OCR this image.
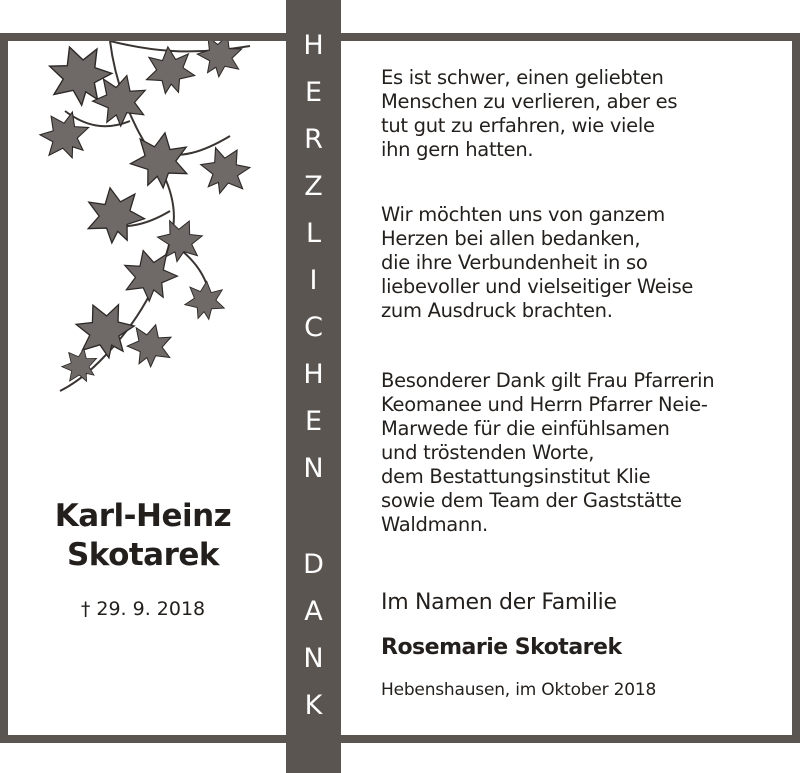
Karl-Heinz
Skotarek
† 29. 9. 2018
H
E
R
Z
L
I
C
H
E
N
D
A
N
K
Es ist schwer, einen geliebten
Menschen zu verlieren, aber es
tut gut zu erfahren, wie viele
ihn gern hatten.
Wir möchten uns von ganzem
Herzen bei allen bedanken,
die ihre Verbundenheit in so
liebevoller und vielseitiger Weise
zum Ausdruck brachten.
Besonderer Dank gilt Frau Pfarrerin
Keomanee und Herrn Pfarrer Neie-
Marwede für die einfühlsamen
und tröstenden Worte,
dem Bestattungsinstitut Klie
sowie dem Team der Gaststätte
Waldmann.
Im Namen der Familie
Rosemarie Skotarek
Hebenshausen, im Oktober 2018
